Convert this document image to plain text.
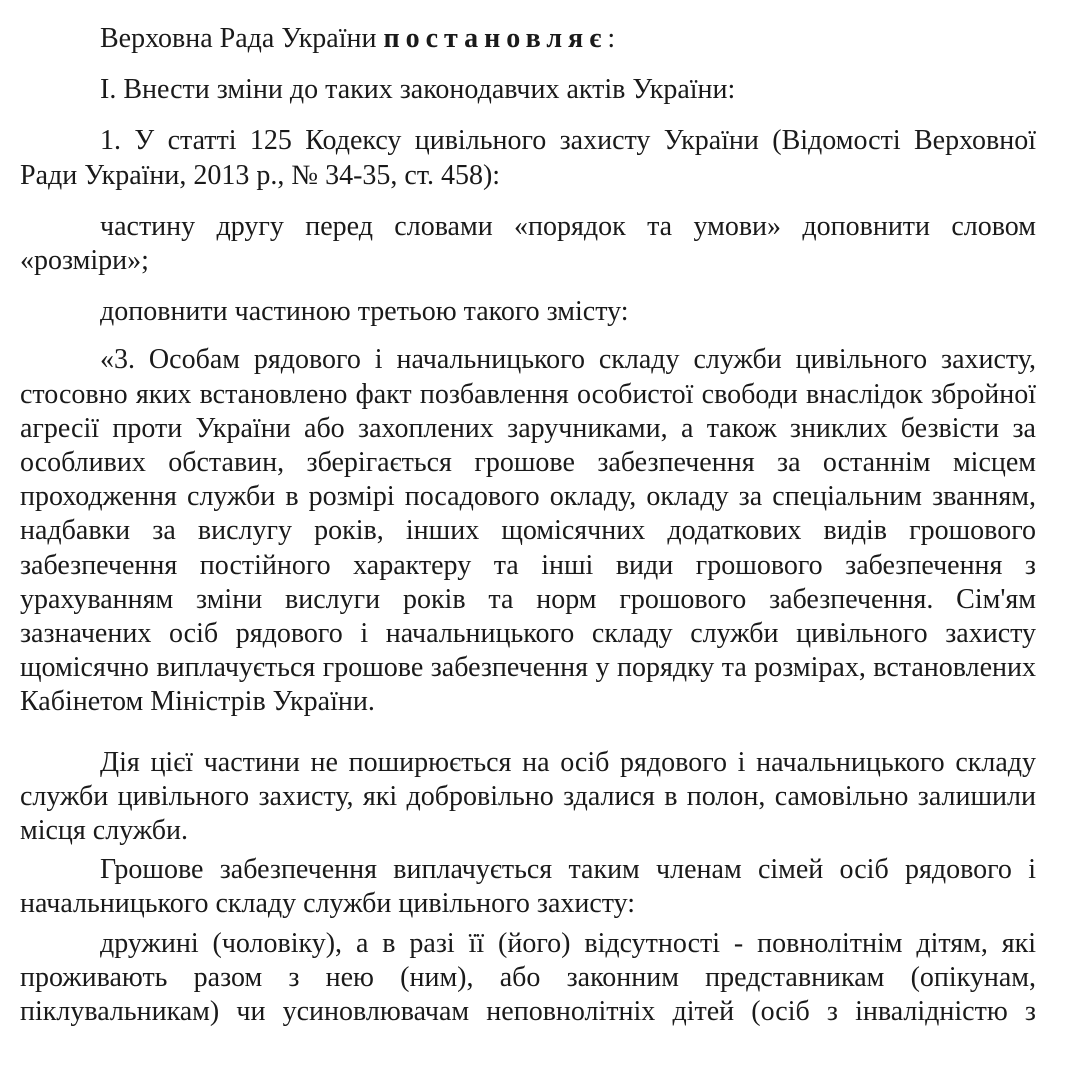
Верховна Рада України постановляє:

І. Внести зміни до таких законодавчих актів України:

1. У статті 125 Кодексу цивільного захисту України (Відомості Верховної Ради України, 2013 р., № 34-35, ст. 458):

частину другу перед словами «порядок та умови» доповнити словом «розміри»;

доповнити частиною третьою такого змісту:

«3. Особам рядового і начальницького складу служби цивільного захисту, стосовно яких встановлено факт позбавлення особистої свободи внаслідок збройної агресії проти України або захоплених заручниками, а також зниклих безвісти за особливих обставин, зберігається грошове забезпечення за останнім місцем проходження служби в розмірі посадового окладу, окладу за спеціальним званням, надбавки за вислугу років, інших щомісячних додаткових видів грошового забезпечення постійного характеру та інші види грошового забезпечення з урахуванням зміни вислуги років та норм грошового забезпечення. Сім'ям зазначених осіб рядового і начальницького складу служби цивільного захисту щомісячно виплачується грошове забезпечення у порядку та розмірах, встановлених Кабінетом Міністрів України.

Дія цієї частини не поширюється на осіб рядового і начальницького складу служби цивільного захисту, які добровільно здалися в полон, самовільно залишили місця служби.

Грошове забезпечення виплачується таким членам сімей осіб рядового і начальницького складу служби цивільного захисту:

дружині (чоловіку), а в разі її (його) відсутності - повнолітнім дітям, які проживають разом з нею (ним), або законним представникам (опікунам, піклувальникам) чи усиновлювачам неповнолітніх дітей (осіб з інвалідністю з
